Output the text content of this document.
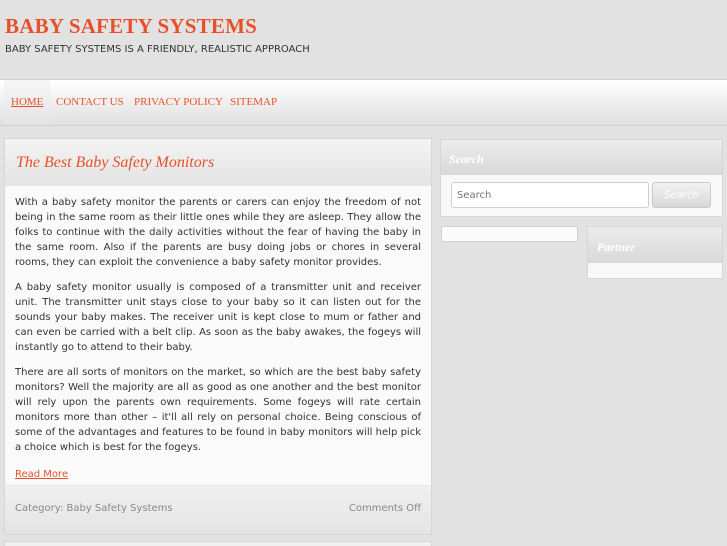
BABY SAFETY SYSTEMS
BABY SAFETY SYSTEMS IS A FRIENDLY, REALISTIC APPROACH
HOME	CONTACT US PRIVACY POLICY SITEMAP
The Best Baby Safety Monitors

With a baby safety monitor the parents or carers can enjoy the freedom of not being in the same room as their little ones while they are asleep. They allow the folks to continue with the daily activities without the fear of having the baby in the same room. Also if the parents are busy doing jobs or chores in several rooms, they can exploit the convenience a baby safety monitor provides.

A baby safety monitor usually is composed of a transmitter unit and receiver unit. The transmitter unit stays close to your baby so it can listen out for the sounds your baby makes. The receiver unit is kept close to mum or father and can even be carried with a belt clip. As soon as the baby awakes, the fogeys will instantly go to attend to their baby.

There are all sorts of monitors on the market, so which are the best baby safety monitors? Well the majority are all as good as one another and the best monitor will rely upon the parents own requirements. Some fogeys will rate certain monitors more than other – it'll all rely on personal choice. Being conscious of some of the advantages and features to be found in baby monitors will help pick a choice which is best for the fogeys.

Read More

Category: Baby Safety Systems	Comments Off
Search
Search
Search
Partner
